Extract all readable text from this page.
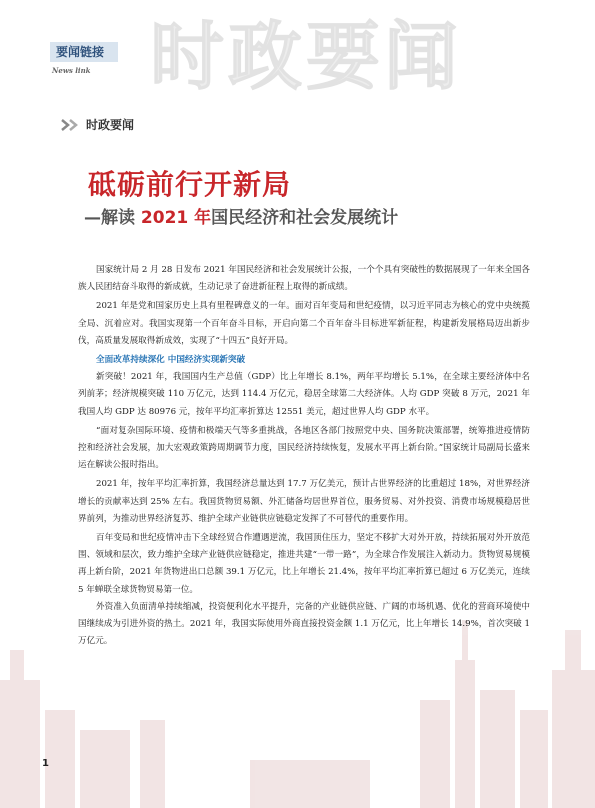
时政要闻
要闻链接
News link
时政要闻
砥砺前行开新局
—解读 2021 年国民经济和社会发展统计

国家统计局 2 月 28 日发布 2021 年国民经济和社会发展统计公报，一个个具有突破性的数据展现了一年来全国各族人民团结奋斗取得的新成就，生动记录了奋进新征程上取得的新成绩。

2021 年是党和国家历史上具有里程碑意义的一年。面对百年变局和世纪疫情，以习近平同志为核心的党中央统揽全局、沉着应对。我国实现第一个百年奋斗目标，开启向第二个百年奋斗目标进军新征程，构建新发展格局迈出新步伐，高质量发展取得新成效，实现了“十四五”良好开局。

全面改革持续深化 中国经济实现新突破

新突破！2021 年，我国国内生产总值（GDP）比上年增长 8.1%，两年平均增长 5.1%，在全球主要经济体中名列前茅；经济规模突破 110 万亿元，达到 114.4 万亿元，稳居全球第二大经济体。人均 GDP 突破 8 万元，2021 年我国人均 GDP 达 80976 元，按年平均汇率折算达 12551 美元，超过世界人均 GDP 水平。

“面对复杂国际环境、疫情和极端天气等多重挑战，各地区各部门按照党中央、国务院决策部署，统筹推进疫情防控和经济社会发展，加大宏观政策跨周期调节力度，国民经济持续恢复，发展水平再上新台阶。”国家统计局副局长盛来运在解读公报时指出。

2021 年，按年平均汇率折算，我国经济总量达到 17.7 万亿美元，预计占世界经济的比重超过 18%，对世界经济增长的贡献率达到 25% 左右。我国货物贸易额、外汇储备均居世界首位，服务贸易、对外投资、消费市场规模稳居世界前列，为推动世界经济复苏、维护全球产业链供应链稳定发挥了不可替代的重要作用。

百年变局和世纪疫情冲击下全球经贸合作遭遇逆流，我国顶住压力，坚定不移扩大对外开放，持续拓展对外开放范围、领域和层次，致力维护全球产业链供应链稳定，推进共建“一带一路”，为全球合作发展注入新动力。货物贸易规模再上新台阶，2021 年货物进出口总额 39.1 万亿元，比上年增长 21.4%，按年平均汇率折算已超过 6 万亿美元，连续 5 年蝉联全球货物贸易第一位。

外资准入负面清单持续缩减，投资便利化水平提升，完备的产业链供应链、广阔的市场机遇、优化的营商环境使中国继续成为引进外资的热土。2021 年，我国实际使用外商直接投资金额 1.1 万亿元，比上年增长 14.9%，首次突破 1 万亿元。

1
